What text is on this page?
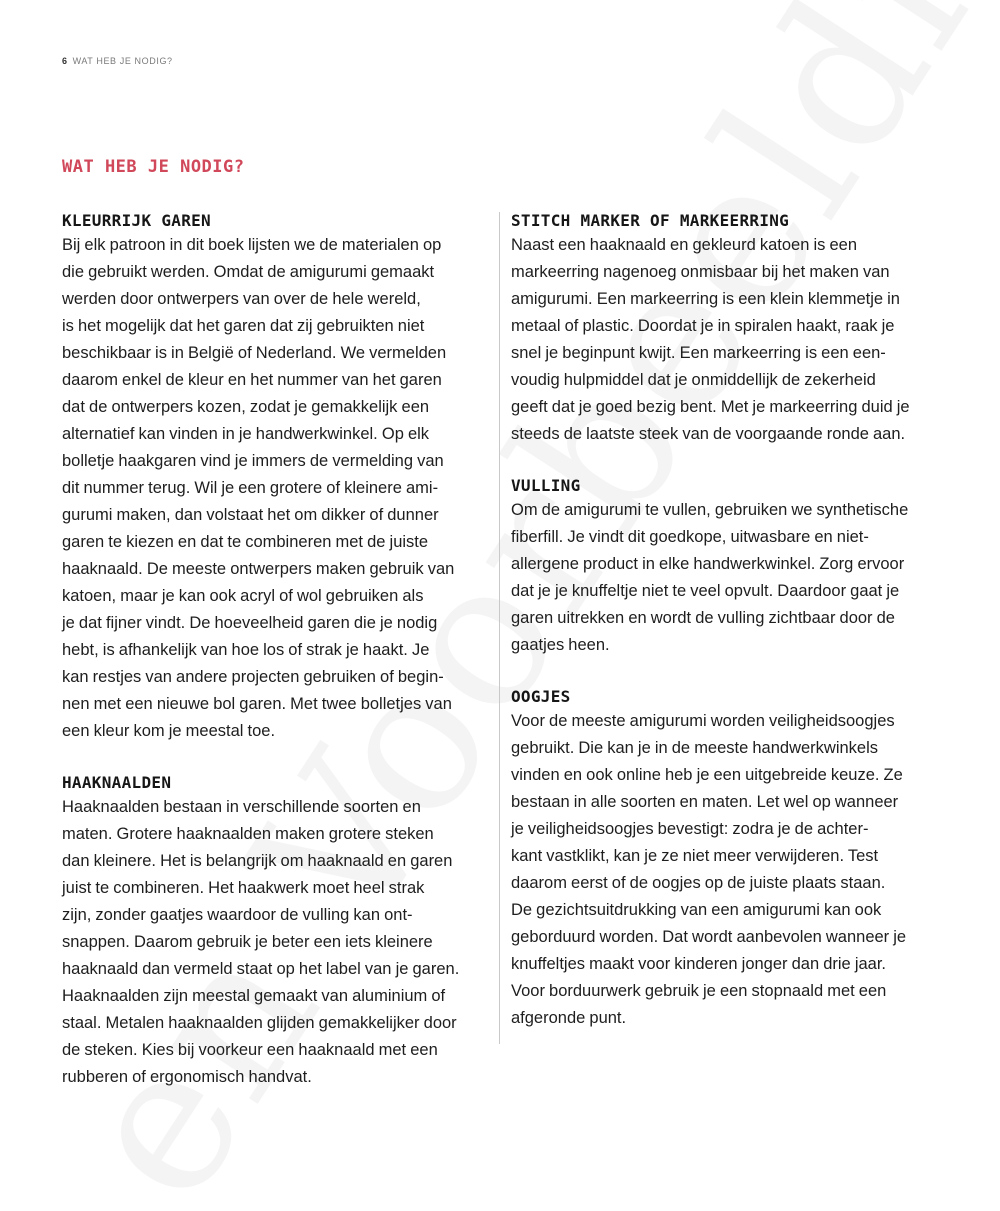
6 WAT HEB JE NODIG?
WAT HEB JE NODIG?
KLEURRIJK GAREN

Bij elk patroon in dit boek lijsten we de materialen op
die gebruikt werden. Omdat de amigurumi gemaakt
werden door ontwerpers van over de hele wereld,
is het mogelijk dat het garen dat zij gebruikten niet
beschikbaar is in België of Nederland. We vermelden
daarom enkel de kleur en het nummer van het garen
dat de ontwerpers kozen, zodat je gemakkelijk een
alternatief kan vinden in je handwerkwinkel. Op elk
bolletje haakgaren vind je immers de vermelding van
dit nummer terug. Wil je een grotere of kleinere ami-
gurumi maken, dan volstaat het om dikker of dunner
garen te kiezen en dat te combineren met de juiste
haaknaald. De meeste ontwerpers maken gebruik van
katoen, maar je kan ook acryl of wol gebruiken als
je dat fijner vindt. De hoeveelheid garen die je nodig
hebt, is afhankelijk van hoe los of strak je haakt. Je
kan restjes van andere projecten gebruiken of begin-
nen met een nieuwe bol garen. Met twee bolletjes van
een kleur kom je meestal toe.

HAAKNAALDEN

Haaknaalden bestaan in verschillende soorten en
maten. Grotere haaknaalden maken grotere steken
dan kleinere. Het is belangrijk om haaknaald en garen
juist te combineren. Het haakwerk moet heel strak
zijn, zonder gaatjes waardoor de vulling kan ont-
snappen. Daarom gebruik je beter een iets kleinere
haaknaald dan vermeld staat op het label van je garen.
Haaknaalden zijn meestal gemaakt van aluminium of
staal. Metalen haaknaalden glijden gemakkelijker door
de steken. Kies bij voorkeur een haaknaald met een
rubberen of ergonomisch handvat.

STITCH MARKER OF MARKEERRING

Naast een haaknaald en gekleurd katoen is een
markeerring nagenoeg onmisbaar bij het maken van
amigurumi. Een markeerring is een klein klemmetje in
metaal of plastic. Doordat je in spiralen haakt, raak je
snel je beginpunt kwijt. Een markeerring is een een-
voudig hulpmiddel dat je onmiddellijk de zekerheid
geeft dat je goed bezig bent. Met je markeerring duid je
steeds de laatste steek van de voorgaande ronde aan.

VULLING

Om de amigurumi te vullen, gebruiken we synthetische
fiberfill. Je vindt dit goedkope, uitwasbare en niet-
allergene product in elke handwerkwinkel. Zorg ervoor
dat je je knuffeltje niet te veel opvult. Daardoor gaat je
garen uitrekken en wordt de vulling zichtbaar door de
gaatjes heen.

OOGJES

Voor de meeste amigurumi worden veiligheidsoogjes
gebruikt. Die kan je in de meeste handwerkwinkels
vinden en ook online heb je een uitgebreide keuze. Ze
bestaan in alle soorten en maten. Let wel op wanneer
je veiligheidsoogjes bevestigt: zodra je de achter-
kant vastklikt, kan je ze niet meer verwijderen. Test
daarom eerst of de oogjes op de juiste plaats staan.
De gezichtsuitdrukking van een amigurumi kan ook
geborduurd worden. Dat wordt aanbevolen wanneer je
knuffeltjes maakt voor kinderen jonger dan drie jaar.
Voor borduurwerk gebruik je een stopnaald met een
afgeronde punt.
